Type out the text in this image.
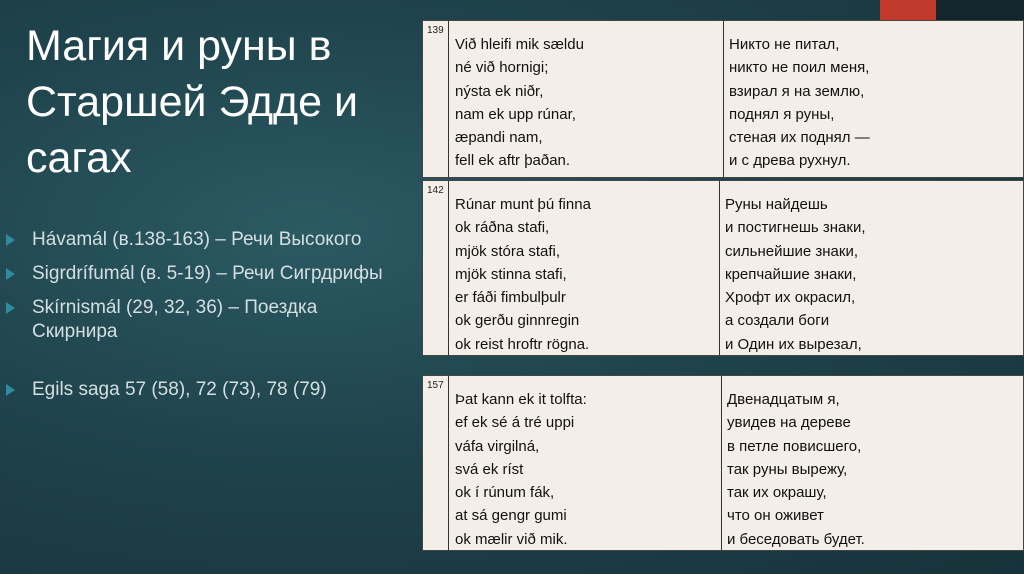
Магия и руны в Старшей Эдде и сагах
Hávamál (в.138-163) – Речи Высокого
Sigrdrífumál (в. 5-19) – Речи Сигрдрифы
Skírnismál (29, 32, 36) – Поездка Скирнира
Egils saga 57 (58), 72 (73), 78 (79)
139
Við hleifi mik sældu
né við hornigi;
nýsta ek niðr,
nam ek upp rúnar,
æpandi nam,
fell ek aftr þaðan.
Никто не питал,
никто не поил меня,
взирал я на землю,
поднял я руны,
стеная их поднял —
и с древа рухнул.
142
Rúnar munt þú finna
ok ráðna stafi,
mjök stóra stafi,
mjök stinna stafi,
er fáði fimbulþulr
ok gerðu ginnregin
ok reist hroftr rögna.
Руны найдешь
и постигнешь знаки,
сильнейшие знаки,
крепчайшие знаки,
Хрофт их окрасил,
а создали боги
и Один их вырезал,
157
Þat kann ek it tolfta:
ef ek sé á tré uppi
váfa virgilná,
svá ek ríst
ok í rúnum fák,
at sá gengr gumi
ok mælir við mik.
Двенадцатым я,
увидев на дереве
в петле повисшего,
так руны вырежу,
так их окрашу,
что он оживет
и беседовать будет.
